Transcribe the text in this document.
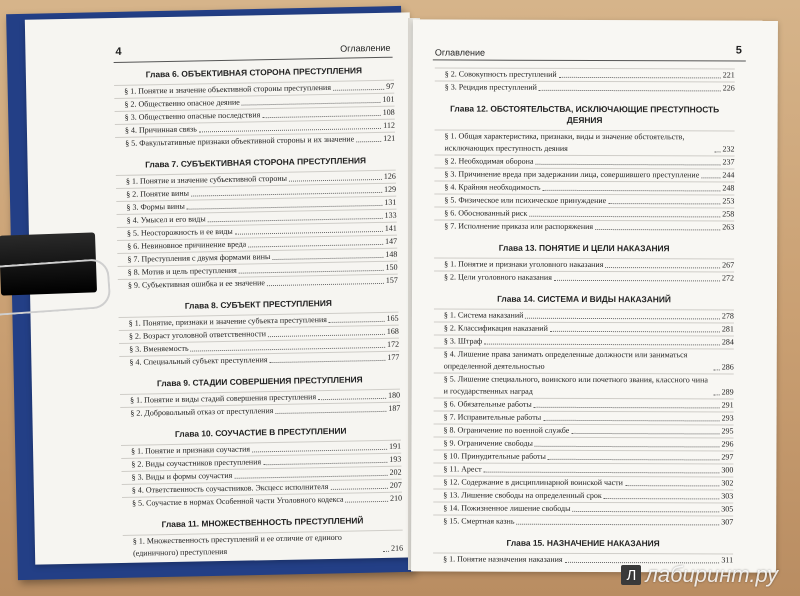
4	Оглавление
Глава 6. ОБЪЕКТИВНАЯ СТОРОНА ПРЕСТУПЛЕНИЯ
§ 1. Понятие и значение объективной стороны преступления	97
§ 2. Общественно опасное деяние	101
§ 3. Общественно опасные последствия	108
§ 4. Причинная связь	112
§ 5. Факультативные признаки объективной стороны и их значение	121
Глава 7. СУБЪЕКТИВНАЯ СТОРОНА ПРЕСТУПЛЕНИЯ
§ 1. Понятие и значение субъективной стороны	126
§ 2. Понятие вины	129
§ 3. Формы вины	131
§ 4. Умысел и его виды	133
§ 5. Неосторожность и ее виды	141
§ 6. Невиновное причинение вреда	147
§ 7. Преступления с двумя формами вины	148
§ 8. Мотив и цель преступления	150
§ 9. Субъективная ошибка и ее значение	157
Глава 8. СУБЪЕКТ ПРЕСТУПЛЕНИЯ
§ 1. Понятие, признаки и значение субъекта преступления	165
§ 2. Возраст уголовной ответственности	168
§ 3. Вменяемость	172
§ 4. Специальный субъект преступления	177
Глава 9. СТАДИИ СОВЕРШЕНИЯ ПРЕСТУПЛЕНИЯ
§ 1. Понятие и виды стадий совершения преступления	180
§ 2. Добровольный отказ от преступления	187
Глава 10. СОУЧАСТИЕ В ПРЕСТУПЛЕНИИ
§ 1. Понятие и признаки соучастия	191
§ 2. Виды соучастников преступления	193
§ 3. Виды и формы соучастия	202
§ 4. Ответственность соучастников. Эксцесс исполнителя	207
§ 5. Соучастие в нормах Особенной части Уголовного кодекса	210
Глава 11. МНОЖЕСТВЕННОСТЬ ПРЕСТУПЛЕНИЙ
§ 1. Множественность преступлений и ее отличие от единого (единичного) преступления	216
Оглавление	5
§ 2. Совокупность преступлений	221
§ 3. Рецидив преступлений	226
Глава 12. ОБСТОЯТЕЛЬСТВА, ИСКЛЮЧАЮЩИЕ ПРЕСТУПНОСТЬ ДЕЯНИЯ
§ 1. Общая характеристика, признаки, виды и значение обстоятельств, исключающих преступность деяния	232
§ 2. Необходимая оборона	237
§ 3. Причинение вреда при задержании лица, совершившего преступление	244
§ 4. Крайняя необходимость	248
§ 5. Физическое или психическое принуждение	253
§ 6. Обоснованный риск	258
§ 7. Исполнение приказа или распоряжения	263
Глава 13. ПОНЯТИЕ И ЦЕЛИ НАКАЗАНИЯ
§ 1. Понятие и признаки уголовного наказания	267
§ 2. Цели уголовного наказания	272
Глава 14. СИСТЕМА И ВИДЫ НАКАЗАНИЙ
§ 1. Система наказаний	278
§ 2. Классификация наказаний	281
§ 3. Штраф	284
§ 4. Лишение права занимать определенные должности или заниматься определенной деятельностью	286
§ 5. Лишение специального, воинского или почетного звания, классного чина и государственных наград	289
§ 6. Обязательные работы	291
§ 7. Исправительные работы	293
§ 8. Ограничение по военной службе	295
§ 9. Ограничение свободы	296
§ 10. Принудительные работы	297
§ 11. Арест	300
§ 12. Содержание в дисциплинарной воинской части	302
§ 13. Лишение свободы на определенный срок	303
§ 14. Пожизненное лишение свободы	305
§ 15. Смертная казнь	307
Глава 15. НАЗНАЧЕНИЕ НАКАЗАНИЯ
§ 1. Понятие назначения наказания	311
Л лабиринт.ру
